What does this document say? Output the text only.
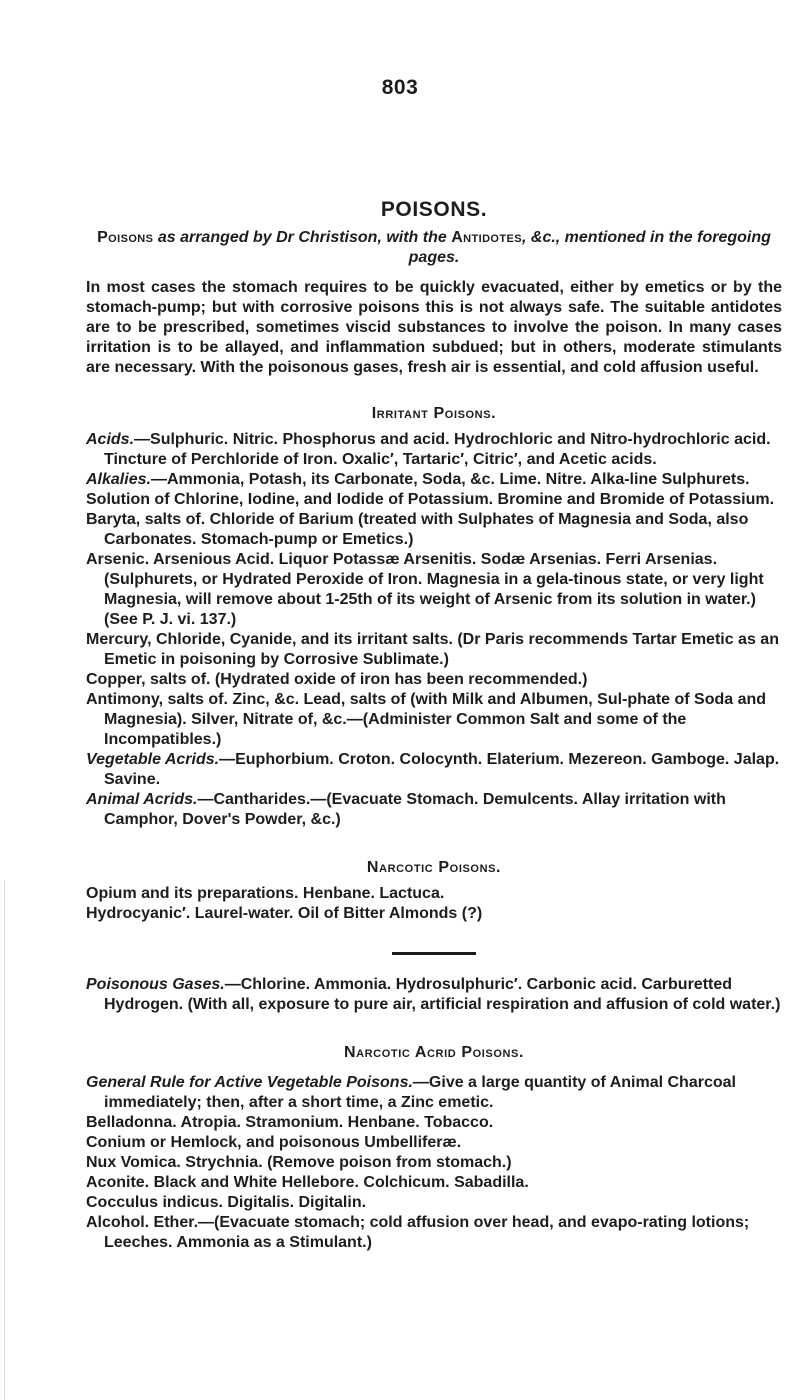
803
POISONS.
Poisons as arranged by Dr Christison, with the Antidotes, &c., mentioned in the foregoing pages.

In most cases the stomach requires to be quickly evacuated, either by emetics or by the stomach-pump; but with corrosive poisons this is not always safe. The suitable antidotes are to be prescribed, sometimes viscid substances to involve the poison. In many cases irritation is to be allayed, and inflammation subdued; but in others, moderate stimulants are necessary. With the poisonous gases, fresh air is essential, and cold affusion useful.

Irritant Poisons.

Acids.—Sulphuric. Nitric. Phosphorus and acid. Hydrochloric and Nitro-hydrochloric acid. Tincture of Perchloride of Iron. Oxalic′, Tartaric′, Citric′, and Acetic acids.

Alkalies.—Ammonia, Potash, its Carbonate, Soda, &c. Lime. Nitre. Alka-line Sulphurets.

Solution of Chlorine, Iodine, and Iodide of Potassium. Bromine and Bromide of Potassium.

Baryta, salts of. Chloride of Barium (treated with Sulphates of Magnesia and Soda, also Carbonates. Stomach-pump or Emetics.)

Arsenic. Arsenious Acid. Liquor Potassæ Arsenitis. Sodæ Arsenias. Ferri Arsenias. (Sulphurets, or Hydrated Peroxide of Iron. Magnesia in a gela-tinous state, or very light Magnesia, will remove about 1-25th of its weight of Arsenic from its solution in water.) (See P. J. vi. 137.)

Mercury, Chloride, Cyanide, and its irritant salts. (Dr Paris recommends Tartar Emetic as an Emetic in poisoning by Corrosive Sublimate.)

Copper, salts of. (Hydrated oxide of iron has been recommended.)

Antimony, salts of. Zinc, &c. Lead, salts of (with Milk and Albumen, Sul-phate of Soda and Magnesia). Silver, Nitrate of, &c.—(Administer Common Salt and some of the Incompatibles.)

Vegetable Acrids.—Euphorbium. Croton. Colocynth. Elaterium. Mezereon. Gamboge. Jalap. Savine.

Animal Acrids.—Cantharides.—(Evacuate Stomach. Demulcents. Allay irritation with Camphor, Dover's Powder, &c.)

Narcotic Poisons.

Opium and its preparations. Henbane. Lactuca.

Hydrocyanic′. Laurel-water. Oil of Bitter Almonds (?)

Poisonous Gases.—Chlorine. Ammonia. Hydrosulphuric′. Carbonic acid. Carburetted Hydrogen. (With all, exposure to pure air, artificial respiration and affusion of cold water.)

Narcotic Acrid Poisons.

General Rule for Active Vegetable Poisons.—Give a large quantity of Animal Charcoal immediately; then, after a short time, a Zinc emetic.

Belladonna. Atropia. Stramonium. Henbane. Tobacco.

Conium or Hemlock, and poisonous Umbelliferæ.

Nux Vomica. Strychnia. (Remove poison from stomach.)

Aconite. Black and White Hellebore. Colchicum. Sabadilla.

Cocculus indicus. Digitalis. Digitalin.

Alcohol. Ether.—(Evacuate stomach; cold affusion over head, and evapo-rating lotions; Leeches. Ammonia as a Stimulant.)
